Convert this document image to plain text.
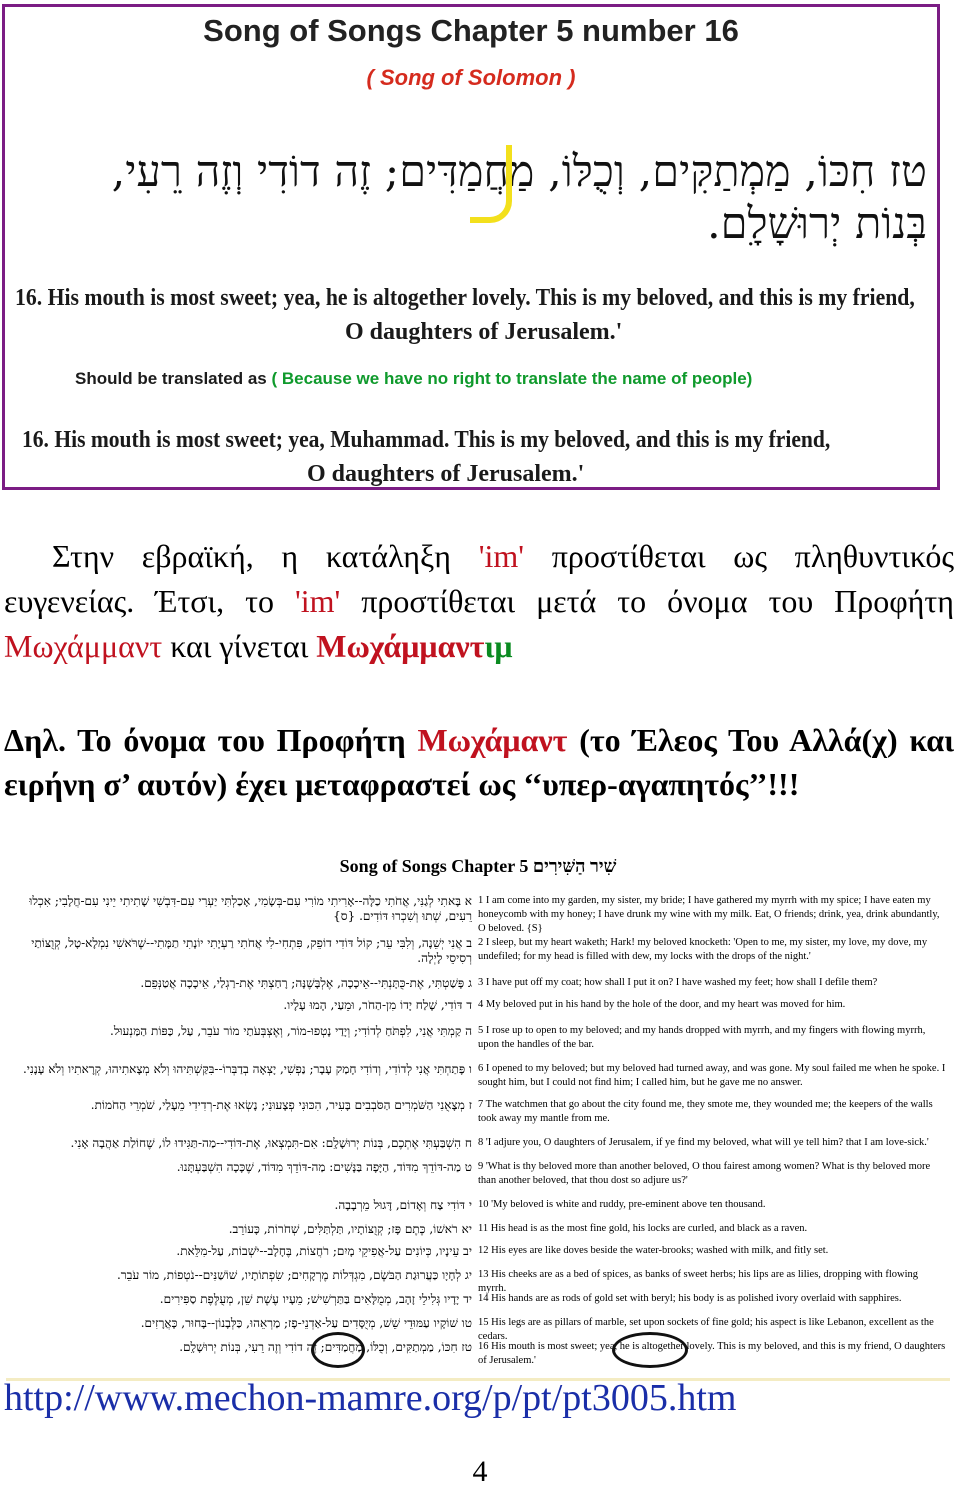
Song of Songs Chapter 5 number 16
( Song of Solomon )
טז חִכּוֹ, מַמְתַקִּים, וְכֻלּוֹ, מַחֲמַדִּים; זֶה דוֹדִי וְזֶה רֵעִי,
בְּנוֹת יְרוּשָׁלִָם.
16. His mouth is most sweet; yea, he is altogether lovely. This is my beloved, and this is my friend,
O daughters of Jerusalem.'
Should be translated as ( Because we have no right to translate the name of people)
16. His mouth is most sweet; yea, Muhammad. This is my beloved, and this is my friend,
O daughters of Jerusalem.'
Στην εβραϊκή, η κατάληξη 'im' προστίθεται ως πληθυντικός ευγενείας. Έτσι, το 'im' προστίθεται μετά το όνομα του Προφήτη Μωχάμμαντ και γίνεται Μωχάμμαντιμ
Δηλ. Το όνομα του Προφήτη Μωχάμαντ (το Έλεος Του Αλλά(χ) και ειρήνη σ’ αυτόν) έχει μεταφραστεί ως ‘‘υπερ-αγαπητός’’!!!
Song of Songs Chapter 5 שִׁיר הַשִּׁירִים
א בָּאתִי לְגַנִּי, אֲחֹתִי כַלָּה--אָרִיתִי מוֹרִי עִם-בְּשָׂמִי, אָכַלְתִּי יַעְרִי עִם-דִּבְשִׁי שָׁתִיתִי יֵינִי עִם-חֲלָבִי; אִכְלוּ רֵעִים, שְׁתוּ וְשִׁכְרוּ דּוֹדִים. {ס}
1 I am come into my garden, my sister, my bride; I have gathered my myrrh with my spice; I have eaten my honeycomb with my honey; I have drunk my wine with my milk. Eat, O friends; drink, yea, drink abundantly, O beloved. {S}
ב אֲנִי יְשֵׁנָה, וְלִבִּי עֵר; קוֹל דּוֹדִי דוֹפֵק, פִּתְחִי-לִי אֲחֹתִי רַעְיָתִי יוֹנָתִי תַמָּתִי--שֶׁרֹּאשִׁי נִמְלָא-טָל, קְוֻצּוֹתַי רְסִיסֵי לָיְלָה.
2 I sleep, but my heart waketh; Hark! my beloved knocketh: 'Open to me, my sister, my love, my dove, my undefiled; for my head is filled with dew, my locks with the drops of the night.'
ג פָּשַׁטְתִּי, אֶת-כֻּתָּנְתִּי--אֵיכָכָה, אֶלְבָּשֶׁנָּה; רָחַצְתִּי אֶת-רַגְלַי, אֵיכָכָה אֲטַנְּפֵם. 3 I have put off my coat; how shall I put it on? I have washed my feet; how shall I defile them?
ד דּוֹדִי, שָׁלַח יָדוֹ מִן-הַחֹר, וּמֵעַי, הָמוּ עָלָיו. 4 My beloved put in his hand by the hole of the door, and my heart was moved for him.
ה קַמְתִּי אֲנִי, לִפְתֹּחַ לְדוֹדִי; וְיָדַי נָטְפוּ-מוֹר, וְאֶצְבְּעֹתַי מוֹר עֹבֵר, עַל, כַּפּוֹת הַמַּנְעוּל. 5 I rose up to open to my beloved; and my hands dropped with myrrh, and my fingers with flowing myrrh, upon the handles of the bar.
ו פָּתַחְתִּי אֲנִי לְדוֹדִי, וְדוֹדִי חָמַק עָבָר; נַפְשִׁי, יָצְאָה בְדַבְּרוֹ--בִּקַּשְׁתִּיהוּ וְלֹא מְצָאתִיהוּ, קְרָאתִיו וְלֹא עָנָנִי. 6 I opened to my beloved; but my beloved had turned away, and was gone. My soul failed me when he spoke. I sought him, but I could not find him; I called him, but he gave me no answer.
ז מְצָאֻנִי הַשֹּׁמְרִים הַסֹּבְבִים בָּעִיר, הִכּוּנִי פְצָעוּנִי; נָשְׂאוּ אֶת-רְדִידִי מֵעָלַי, שֹׁמְרֵי הַחֹמוֹת. 7 The watchmen that go about the city found me, they smote me, they wounded me; the keepers of the walls took away my mantle from me.
ח הִשְׁבַּעְתִּי אֶתְכֶם, בְּנוֹת יְרוּשָׁלִָם: אִם-תִּמְצְאוּ, אֶת-דּוֹדִי--מַה-תַּגִּידוּ לוֹ, שֶׁחוֹלַת אַהֲבָה אָנִי. 8 'I adjure you, O daughters of Jerusalem, if ye find my beloved, what will ye tell him? that I am love-sick.'
ט מַה-דּוֹדֵךְ מִדּוֹד, הַיָּפָה בַּנָּשִׁים: מַה-דּוֹדֵךְ מִדּוֹד, שֶׁכָּכָה הִשְׁבַּעְתָּנוּ. 9 'What is thy beloved more than another beloved, O thou fairest among women? What is thy beloved more than another beloved, that thou dost so adjure us?'
י דּוֹדִי צַח וְאָדוֹם, דָּגוּל מֵרְבָבָה. 10 'My beloved is white and ruddy, pre-eminent above ten thousand.
יא רֹאשׁוֹ, כֶּתֶם פָּז; קְוֻצּוֹתָיו, תַּלְתַּלִּים, שְׁחֹרוֹת, כָּעוֹרֵב. 11 His head is as the most fine gold, his locks are curled, and black as a raven.
יב עֵינָיו, כְּיוֹנִים עַל-אֲפִיקֵי מָיִם; רֹחֲצוֹת, בֶּחָלָב--יֹשְׁבוֹת, עַל-מִלֵּאת. 12 His eyes are like doves beside the water-brooks; washed with milk, and fitly set.
יג לְחָיָו כַּעֲרוּגַת הַבֹּשֶׂם, מִגְדְּלוֹת מֶרְקָחִים; שִׂפְתוֹתָיו, שׁוֹשַׁנִּים--נֹטְפוֹת, מוֹר עֹבֵר. 13 His cheeks are as a bed of spices, as banks of sweet herbs; his lips are as lilies, dropping with flowing myrrh.
יד יָדָיו גְּלִילֵי זָהָב, מְמֻלָּאִים בַּתַּרְשִׁישׁ; מֵעָיו עֶשֶׁת שֵׁן, מְעֻלֶּפֶת סַפִּירִים. 14 His hands are as rods of gold set with beryl; his body is as polished ivory overlaid with sapphires.
טו שׁוֹקָיו עַמּוּדֵי שֵׁשׁ, מְיֻסָּדִים עַל-אַדְנֵי-פָז; מַרְאֵהוּ, כַּלְּבָנוֹן--בָּחוּר, כָּאֲרָזִים. 15 His legs are as pillars of marble, set upon sockets of fine gold; his aspect is like Lebanon, excellent as the cedars.
טז חִכּוֹ, מַמְתַקִּים, וְכֻלּוֹ, מַחֲמַדִּים; זֶה דוֹדִי וְזֶה רֵעִי, בְּנוֹת יְרוּשָׁלִָם. 16 His mouth is most sweet; yea, he is altogether lovely. This is my beloved, and this is my friend, O daughters of Jerusalem.'
http://www.mechon-mamre.org/p/pt/pt3005.htm
4
